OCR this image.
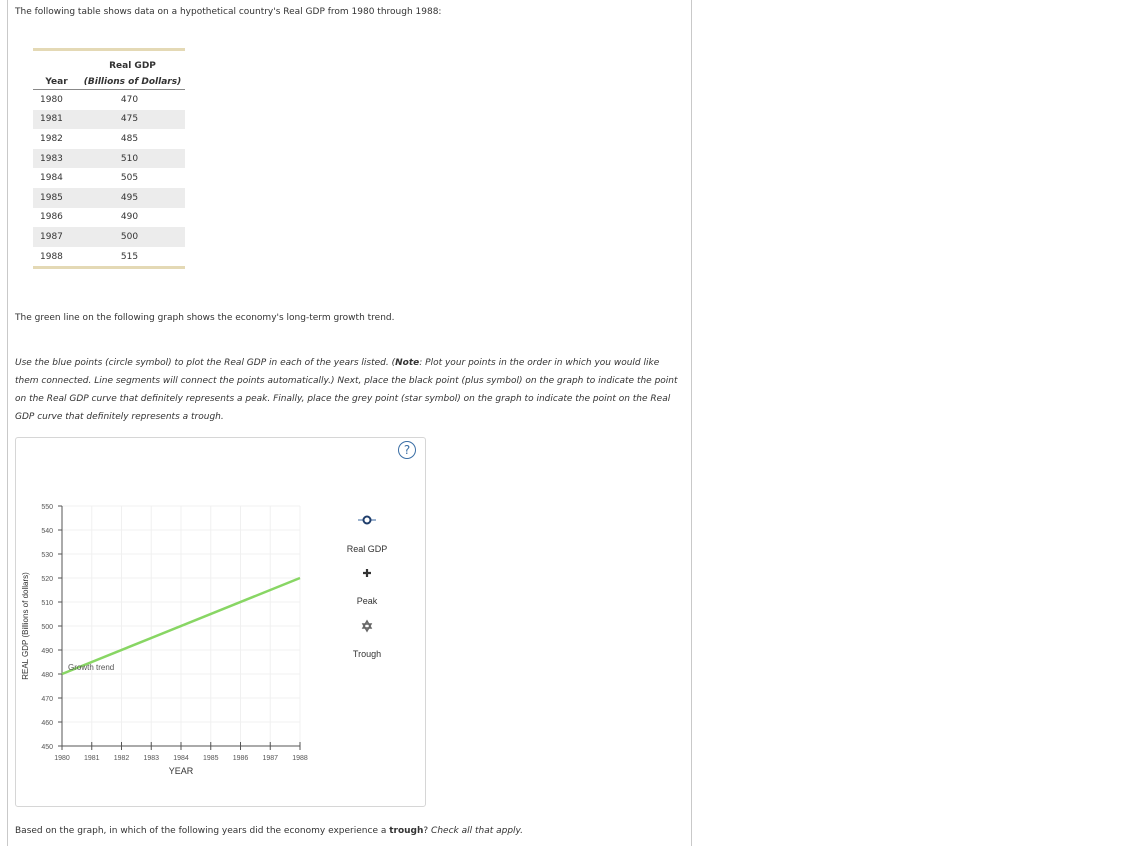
The following table shows data on a hypothetical country's Real GDP from 1980 through 1988:
	Real GDP
Year	(Billions of Dollars)
1980	470
1981	475
1982	485
1983	510
1984	505
1985	495
1986	490
1987	500
1988	515
The green line on the following graph shows the economy's long-term growth trend.
Use the blue points (circle symbol) to plot the Real GDP in each of the years listed. (Note: Plot your points in the order in which you would like them connected. Line segments will connect the points automatically.) Next, place the black point (plus symbol) on the graph to indicate the point on the Real GDP curve that definitely represents a peak. Finally, place the grey point (star symbol) on the graph to indicate the point on the Real GDP curve that definitely represents a trough.
?
450
460
470
480
490
500
510
520
530
540
550
1980 1981 1982 1983 1984 1985 1986 1987 1988
YEAR
REAL GDP (Billions of dollars)	Growth trend
Real GDP
Peak
Trough
Based on the graph, in which of the following years did the economy experience a trough? Check all that apply.
